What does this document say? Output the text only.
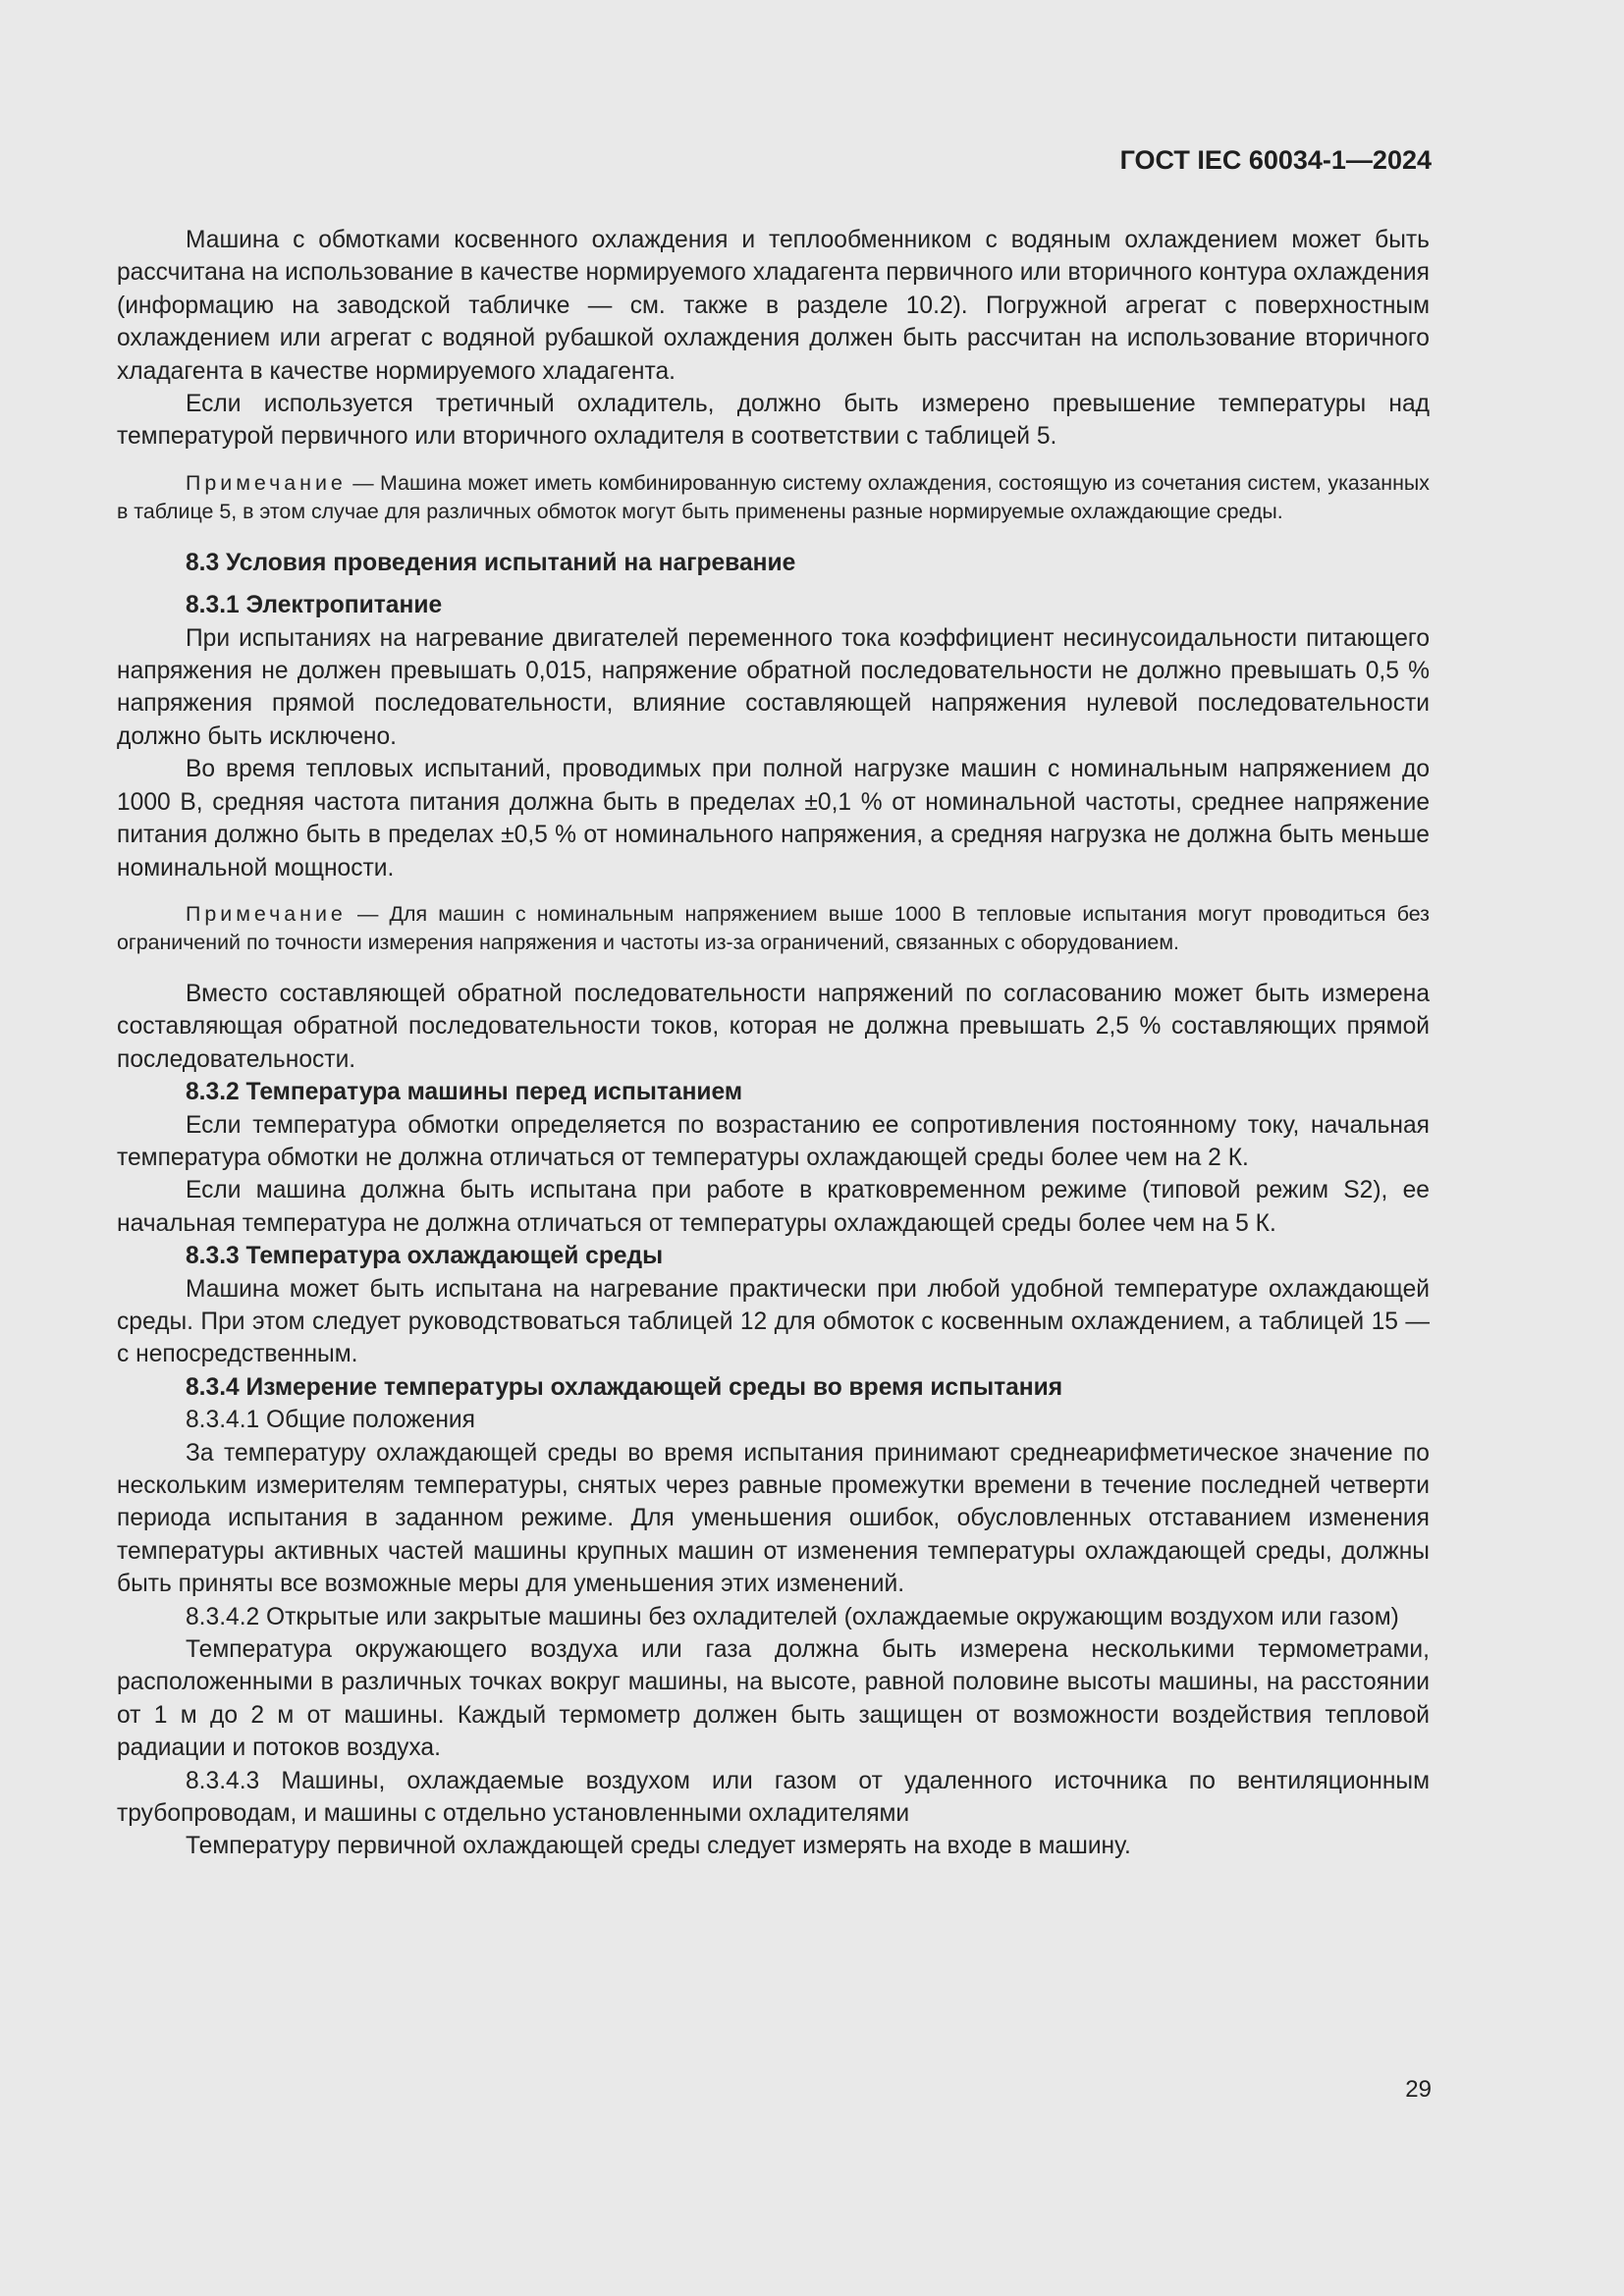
ГОСТ IEC 60034-1—2024

Машина с обмотками косвенного охлаждения и теплообменником с водяным охлаждением может быть рассчитана на использование в качестве нормируемого хладагента первичного или вторичного контура охлаждения (информацию на заводской табличке — см. также в разделе 10.2). Погружной агрегат с поверхностным охлаждением или агрегат с водяной рубашкой охлаждения должен быть рассчитан на использование вторичного хладагента в качестве нормируемого хладагента.

Если используется третичный охладитель, должно быть измерено превышение температуры над температурой первичного или вторичного охладителя в соответствии с таблицей 5.

Примечание — Машина может иметь комбинированную систему охлаждения, состоящую из сочетания систем, указанных в таблице 5, в этом случае для различных обмоток могут быть применены разные нормируемые охлаждающие среды.

8.3 Условия проведения испытаний на нагревание

8.3.1 Электропитание

При испытаниях на нагревание двигателей переменного тока коэффициент несинусоидальности питающего напряжения не должен превышать 0,015, напряжение обратной последовательности не должно превышать 0,5 % напряжения прямой последовательности, влияние составляющей напряжения нулевой последовательности должно быть исключено.

Во время тепловых испытаний, проводимых при полной нагрузке машин с номинальным напряжением до 1000 В, средняя частота питания должна быть в пределах ±0,1 % от номинальной частоты, среднее напряжение питания должно быть в пределах ±0,5 % от номинального напряжения, а средняя нагрузка не должна быть меньше номинальной мощности.

Примечание — Для машин с номинальным напряжением выше 1000 В тепловые испытания могут проводиться без ограничений по точности измерения напряжения и частоты из-за ограничений, связанных с оборудованием.

Вместо составляющей обратной последовательности напряжений по согласованию может быть измерена составляющая обратной последовательности токов, которая не должна превышать 2,5 % составляющих прямой последовательности.

8.3.2 Температура машины перед испытанием

Если температура обмотки определяется по возрастанию ее сопротивления постоянному току, начальная температура обмотки не должна отличаться от температуры охлаждающей среды более чем на 2 К.

Если машина должна быть испытана при работе в кратковременном режиме (типовой режим S2), ее начальная температура не должна отличаться от температуры охлаждающей среды более чем на 5 К.

8.3.3 Температура охлаждающей среды

Машина может быть испытана на нагревание практически при любой удобной температуре охлаждающей среды. При этом следует руководствоваться таблицей 12 для обмоток с косвенным охлаждением, а таблицей 15 — с непосредственным.

8.3.4 Измерение температуры охлаждающей среды во время испытания

8.3.4.1 Общие положения

За температуру охлаждающей среды во время испытания принимают среднеарифметическое значение по нескольким измерителям температуры, снятых через равные промежутки времени в течение последней четверти периода испытания в заданном режиме. Для уменьшения ошибок, обусловленных отставанием изменения температуры активных частей машины крупных машин от изменения температуры охлаждающей среды, должны быть приняты все возможные меры для уменьшения этих изменений.

8.3.4.2 Открытые или закрытые машины без охладителей (охлаждаемые окружающим воздухом или газом)

Температура окружающего воздуха или газа должна быть измерена несколькими термометрами, расположенными в различных точках вокруг машины, на высоте, равной половине высоты машины, на расстоянии от 1 м до 2 м от машины. Каждый термометр должен быть защищен от возможности воздействия тепловой радиации и потоков воздуха.

8.3.4.3 Машины, охлаждаемые воздухом или газом от удаленного источника по вентиляционным трубопроводам, и машины с отдельно установленными охладителями

Температуру первичной охлаждающей среды следует измерять на входе в машину.

29
